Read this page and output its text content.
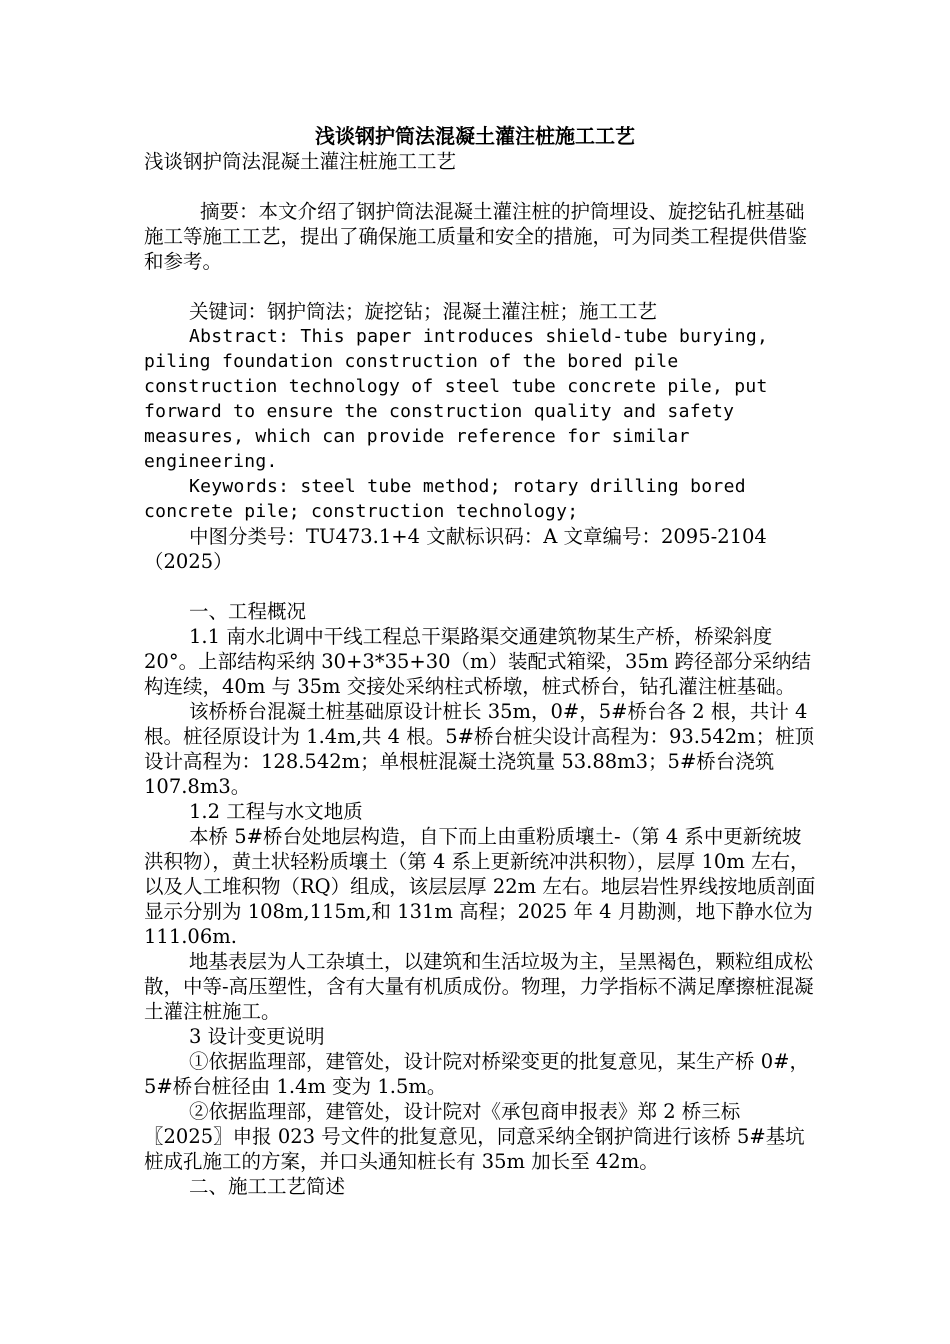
浅谈钢护筒法混凝土灌注桩施工工艺

浅谈钢护筒法混凝土灌注桩施工工艺

摘要：本文介绍了钢护筒法混凝土灌注桩的护筒埋设、旋挖钻孔桩基础施工等施工工艺，提出了确保施工质量和安全的措施，可为同类工程提供借鉴和参考。

关键词：钢护筒法；旋挖钻；混凝土灌注桩；施工工艺

Abstract: This paper introduces shield-tube burying, piling foundation construction of the bored pile construction technology of steel tube concrete pile, put forward to ensure the construction quality and safety measures, which can provide reference for similar engineering.

Keywords: steel tube method; rotary drilling bored concrete pile; construction technology;

中图分类号：TU473.1+4 文献标识码：A 文章编号：2095-2104（2025）

一、工程概况

1.1 南水北调中干线工程总干渠路渠交通建筑物某生产桥，桥梁斜度 20°。上部结构采纳 30+3*35+30（m）装配式箱梁，35m 跨径部分采纳结构连续，40m 与 35m 交接处采纳柱式桥墩，桩式桥台，钻孔灌注桩基础。

该桥桥台混凝土桩基础原设计桩长 35m，0#，5#桥台各 2 根，共计 4 根。桩径原设计为 1.4m,共 4 根。5#桥台桩尖设计高程为：93.542m；桩顶设计高程为：128.542m；单根桩混凝土浇筑量 53.88m3；5#桥台浇筑 107.8m3。

1.2 工程与水文地质

本桥 5#桥台处地层构造，自下而上由重粉质壤土-（第 4 系中更新统坡洪积物），黄土状轻粉质壤土（第 4 系上更新统冲洪积物），层厚 10m 左右，以及人工堆积物（RQ）组成，该层层厚 22m 左右。地层岩性界线按地质剖面显示分别为 108m,115m,和 131m 高程；2025 年 4 月勘测，地下静水位为 111.06m.

地基表层为人工杂填土，以建筑和生活垃圾为主，呈黑褐色，颗粒组成松散，中等-高压塑性，含有大量有机质成份。物理，力学指标不满足摩擦桩混凝土灌注桩施工。

3 设计变更说明

①依据监理部，建管处，设计院对桥梁变更的批复意见，某生产桥 0#，5#桥台桩径由 1.4m 变为 1.5m。

②依据监理部，建管处，设计院对《承包商申报表》郑 2 桥三标〖2025〗申报 023 号文件的批复意见，同意采纳全钢护筒进行该桥 5#基坑桩成孔施工的方案，并口头通知桩长有 35m 加长至 42m。

二、施工工艺简述
